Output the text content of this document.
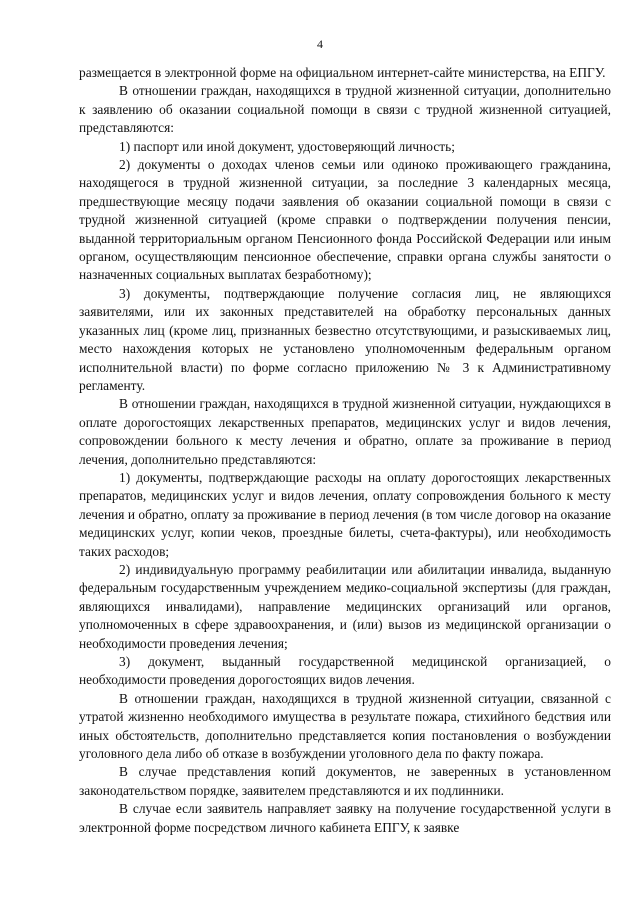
4

размещается в электронной форме на официальном интернет-сайте министерства, на ЕПГУ.

В отношении граждан, находящихся в трудной жизненной ситуации, дополнительно к заявлению об оказании социальной помощи в связи с трудной жизненной ситуацией, представляются:

1) паспорт или иной документ, удостоверяющий личность;

2) документы о доходах членов семьи или одиноко проживающего гражданина, находящегося в трудной жизненной ситуации, за последние 3 календарных месяца, предшествующие месяцу подачи заявления об оказании социальной помощи в связи с трудной жизненной ситуацией (кроме справки о подтверждении получения пенсии, выданной территориальным органом Пенсионного фонда Российской Федерации или иным органом, осуществляющим пенсионное обеспечение, справки органа службы занятости о назначенных социальных выплатах безработному);

3) документы, подтверждающие получение согласия лиц, не являющихся заявителями, или их законных представителей на обработку персональных данных указанных лиц (кроме лиц, признанных безвестно отсутствующими, и разыскиваемых лиц, место нахождения которых не установлено уполномоченным федеральным органом исполнительной власти) по форме согласно приложению № 3 к Административному регламенту.

В отношении граждан, находящихся в трудной жизненной ситуации, нуждающихся в оплате дорогостоящих лекарственных препаратов, медицинских услуг и видов лечения, сопровождении больного к месту лечения и обратно, оплате за проживание в период лечения, дополнительно представляются:

1) документы, подтверждающие расходы на оплату дорогостоящих лекарственных препаратов, медицинских услуг и видов лечения, оплату сопровождения больного к месту лечения и обратно, оплату за проживание в период лечения (в том числе договор на оказание медицинских услуг, копии чеков, проездные билеты, счета-фактуры), или необходимость таких расходов;

2) индивидуальную программу реабилитации или абилитации инвалида, выданную федеральным государственным учреждением медико-социальной экспертизы (для граждан, являющихся инвалидами), направление медицинских организаций или органов, уполномоченных в сфере здравоохранения, и (или) вызов из медицинской организации о необходимости проведения лечения;

3) документ, выданный государственной медицинской организацией, о необходимости проведения дорогостоящих видов лечения.

В отношении граждан, находящихся в трудной жизненной ситуации, связанной с утратой жизненно необходимого имущества в результате пожара, стихийного бедствия или иных обстоятельств, дополнительно представляется копия постановления о возбуждении уголовного дела либо об отказе в возбуждении уголовного дела по факту пожара.

В случае представления копий документов, не заверенных в установленном законодательством порядке, заявителем представляются и их подлинники.

В случае если заявитель направляет заявку на получение государственной услуги в электронной форме посредством личного кабинета ЕПГУ, к заявке
